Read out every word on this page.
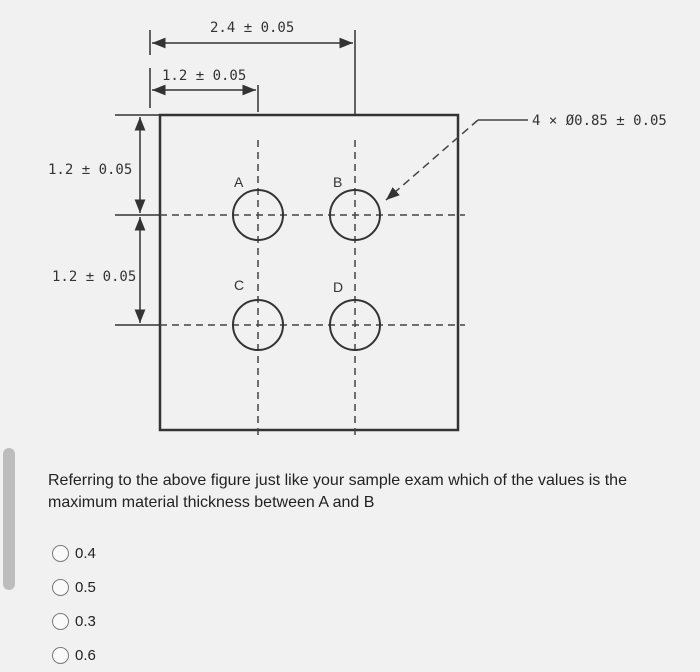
2.4 ± 0.05
1.2 ± 0.05
1.2 ± 0.05
1.2 ± 0.05
4 × Ø0.85 ± 0.05
A	B
C	D

Referring to the above figure just like your sample exam which of the values is the maximum material thickness between A and B

0.4
0.5
0.3
0.6
